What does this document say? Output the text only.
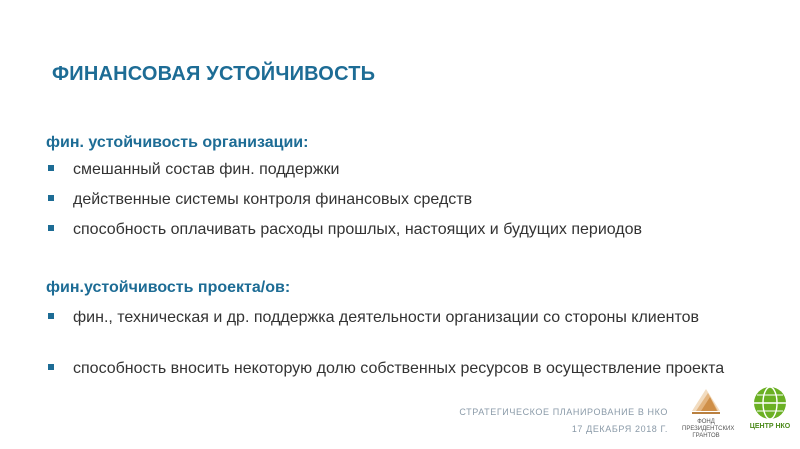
ФИНАНСОВАЯ УСТОЙЧИВОСТЬ
фин. устойчивость организации:
смешанный состав фин. поддержки
действенные системы контроля финансовых средств
способность оплачивать расходы прошлых, настоящих и будущих периодов
фин.устойчивость проекта/ов:
фин., техническая и др. поддержка деятельности организации со стороны клиентов
способность вносить некоторую долю собственных ресурсов в осуществление проекта
СТРАТЕГИЧЕСКОЕ ПЛАНИРОВАНИЕ В НКО
17 ДЕКАБРЯ 2018 Г.
ФОНД ПРЕЗИДЕНТСКИХ ГРАНТОВ
ЦЕНТР НКО
